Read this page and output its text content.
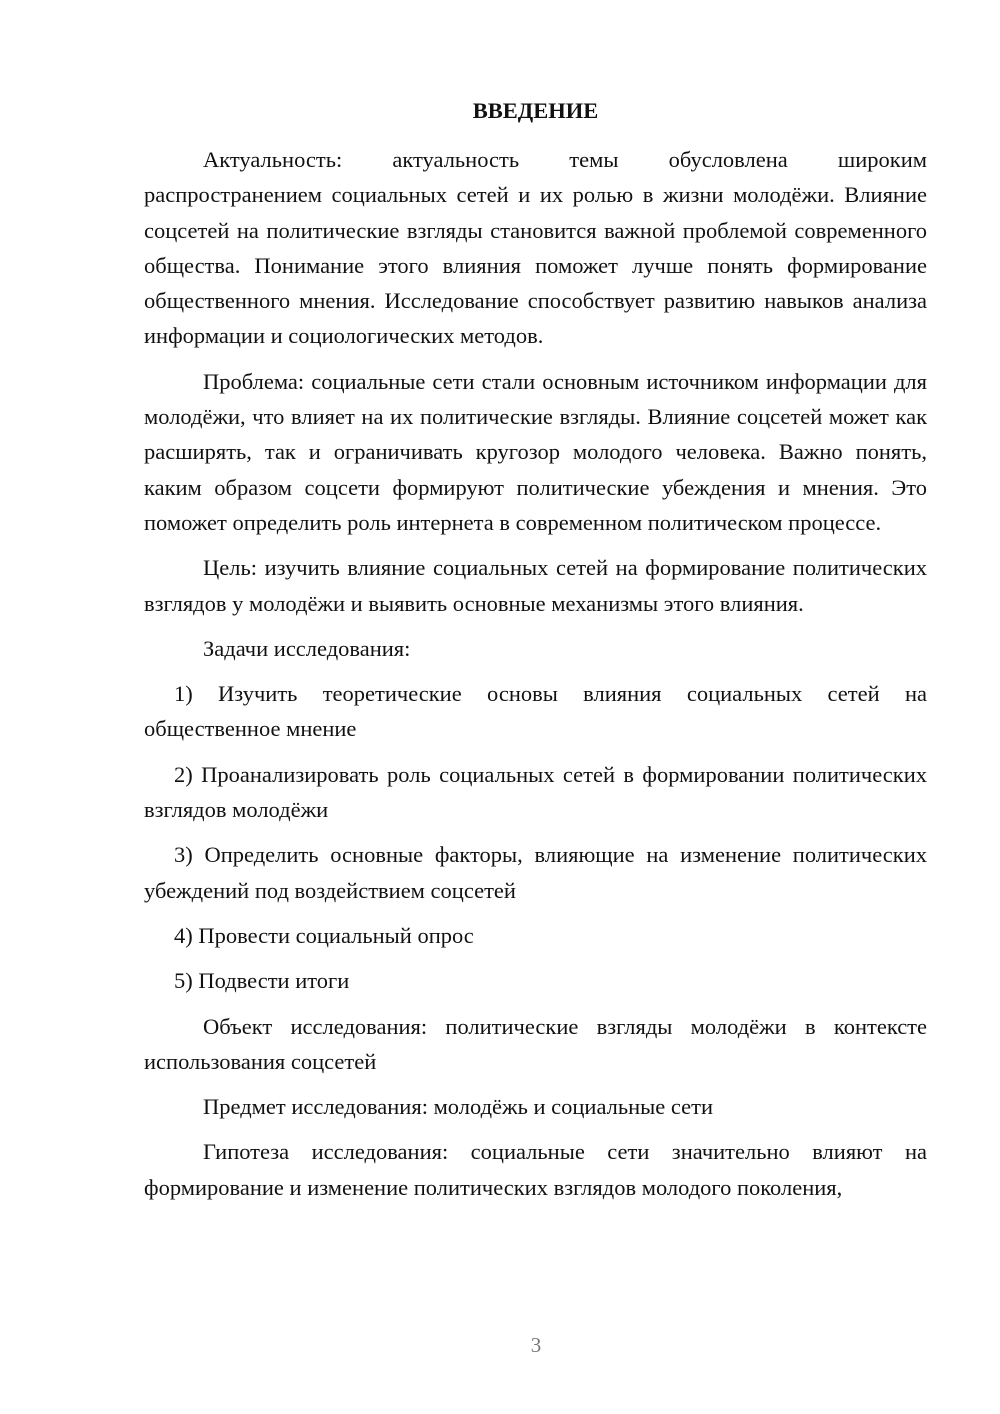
ВВЕДЕНИЕ

Актуальность: актуальность темы обусловлена широким распространением социальных сетей и их ролью в жизни молодёжи. Влияние соцсетей на политические взгляды становится важной проблемой современного общества. Понимание этого влияния поможет лучше понять формирование общественного мнения. Исследование способствует развитию навыков анализа информации и социологических методов.

Проблема: социальные сети стали основным источником информации для молодёжи, что влияет на их политические взгляды. Влияние соцсетей может как расширять, так и ограничивать кругозор молодого человека. Важно понять, каким образом соцсети формируют политические убеждения и мнения. Это поможет определить роль интернета в современном политическом процессе.

Цель: изучить влияние социальных сетей на формирование политических взглядов у молодёжи и выявить основные механизмы этого влияния.

Задачи исследования:

1) Изучить теоретические основы влияния социальных сетей на общественное мнение

2) Проанализировать роль социальных сетей в формировании политических взглядов молодёжи

3) Определить основные факторы, влияющие на изменение политических убеждений под воздействием соцсетей

4) Провести социальный опрос

5) Подвести итоги

Объект исследования: политические взгляды молодёжи в контексте использования соцсетей

Предмет исследования: молодёжь и социальные сети

Гипотеза исследования: социальные сети значительно влияют на формирование и изменение политических взглядов молодого поколения,

3
